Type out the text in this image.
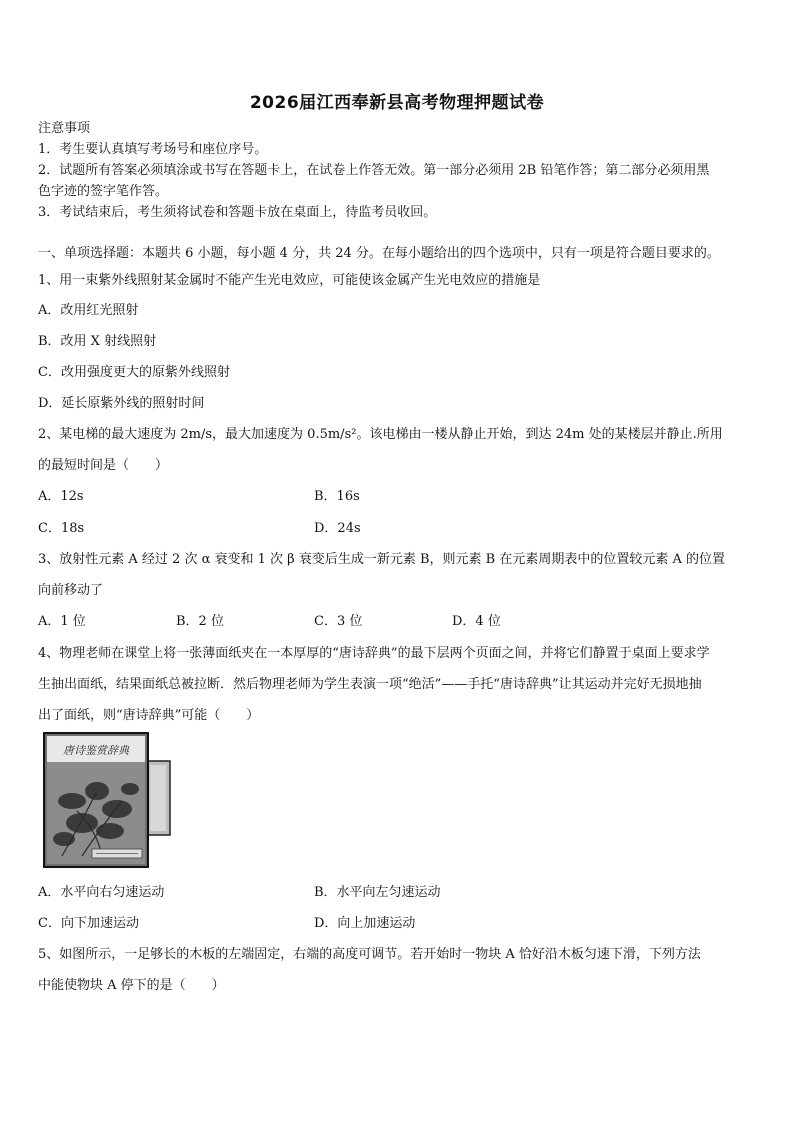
2026届江西奉新县高考物理押题试卷
注意事项
1．考生要认真填写考场号和座位序号。
2．试题所有答案必须填涂或书写在答题卡上，在试卷上作答无效。第一部分必须用 2B 铅笔作答；第二部分必须用黑
色字迹的签字笔作答。
3．考试结束后，考生须将试卷和答题卡放在桌面上，待监考员收回。
一、单项选择题：本题共 6 小题，每小题 4 分，共 24 分。在每小题给出的四个选项中，只有一项是符合题目要求的。
1、用一束紫外线照射某金属时不能产生光电效应，可能使该金属产生光电效应的措施是
A．改用红光照射
B．改用 X 射线照射
C．改用强度更大的原紫外线照射
D．延长原紫外线的照射时间
2、某电梯的最大速度为 2m/s，最大加速度为 0.5m/s²。该电梯由一楼从静止开始，到达 24m 处的某楼层并静止.所用
的最短时间是（　　）
A．12s	B．16s
C．18s	D．24s
3、放射性元素 A 经过 2 次 α 衰变和 1 次 β 衰变后生成一新元素 B，则元素 B 在元素周期表中的位置较元素 A 的位置
向前移动了
A．1 位	B．2 位	C．3 位	D．4 位
4、物理老师在课堂上将一张薄面纸夹在一本厚厚的“唐诗辞典”的最下层两个页面之间，并将它们静置于桌面上要求学
生抽出面纸，结果面纸总被拉断．然后物理老师为学生表演一项“绝活”——手托“唐诗辞典”让其运动并完好无损地抽
出了面纸，则“唐诗辞典”可能（　　）
唐诗鉴赏辞典
A．水平向右匀速运动	B．水平向左匀速运动
C．向下加速运动	D．向上加速运动
5、如图所示，一足够长的木板的左端固定，右端的高度可调节。若开始时一物块 A 恰好沿木板匀速下滑，下列方法
中能使物块 A 停下的是（　　）
